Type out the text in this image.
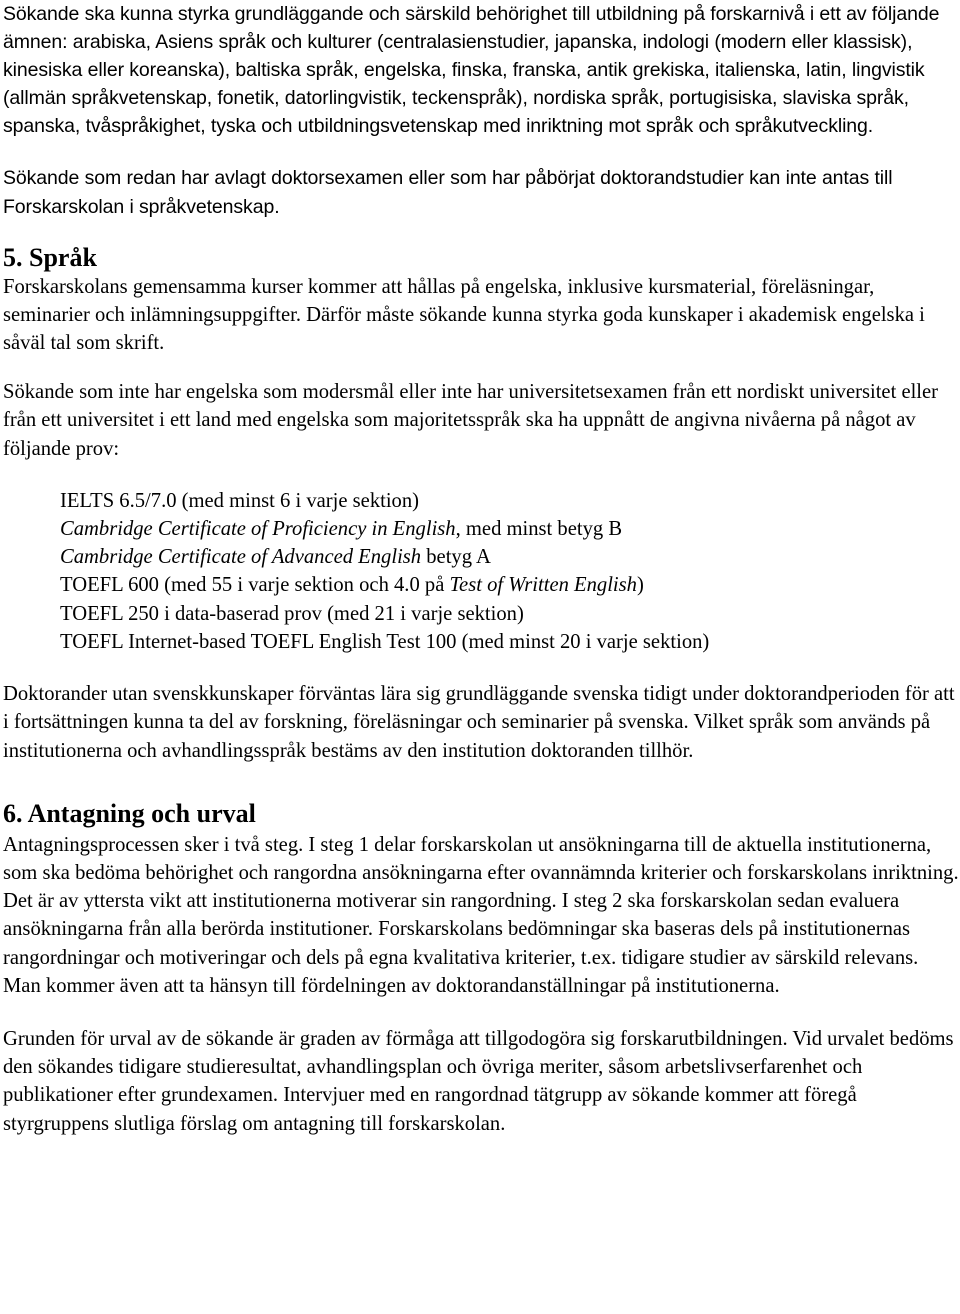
Sökande ska kunna styrka grundläggande och särskild behörighet till utbildning på forskarnivå i ett av följande ämnen: arabiska, Asiens språk och kulturer (centralasienstudier, japanska, indologi (modern eller klassisk), kinesiska eller koreanska), baltiska språk, engelska, finska, franska, antik grekiska, italienska, latin, lingvistik (allmän språkvetenskap, fonetik, datorlingvistik, teckenspråk), nordiska språk, portugisiska, slaviska språk, spanska, tvåspråkighet, tyska och utbildningsvetenskap med inriktning mot språk och språkutveckling.

Sökande som redan har avlagt doktorsexamen eller som har påbörjat doktorandstudier kan inte antas till Forskarskolan i språkvetenskap.

5. Språk

Forskarskolans gemensamma kurser kommer att hållas på engelska, inklusive kursmaterial, föreläsningar, seminarier och inlämningsuppgifter. Därför måste sökande kunna styrka goda kunskaper i akademisk engelska i såväl tal som skrift.

Sökande som inte har engelska som modersmål eller inte har universitetsexamen från ett nordiskt universitet eller från ett universitet i ett land med engelska som majoritetsspråk ska ha uppnått de angivna nivåerna på något av följande prov:

IELTS 6.5/7.0 (med minst 6 i varje sektion)
Cambridge Certificate of Proficiency in English, med minst betyg B
Cambridge Certificate of Advanced English betyg A
TOEFL 600 (med 55 i varje sektion och 4.0 på Test of Written English)
TOEFL 250 i data-baserad prov (med 21 i varje sektion)
TOEFL Internet-based TOEFL English Test 100 (med minst 20 i varje sektion)

Doktorander utan svenskkunskaper förväntas lära sig grundläggande svenska tidigt under doktorandperioden för att i fortsättningen kunna ta del av forskning, föreläsningar och seminarier på svenska. Vilket språk som används på institutionerna och avhandlingsspråk bestäms av den institution doktoranden tillhör.

6. Antagning och urval

Antagningsprocessen sker i två steg. I steg 1 delar forskarskolan ut ansökningarna till de aktuella institutionerna, som ska bedöma behörighet och rangordna ansökningarna efter ovannämnda kriterier och forskarskolans inriktning. Det är av yttersta vikt att institutionerna motiverar sin rangordning. I steg 2 ska forskarskolan sedan evaluera ansökningarna från alla berörda institutioner. Forskarskolans bedömningar ska baseras dels på institutionernas rangordningar och motiveringar och dels på egna kvalitativa kriterier, t.ex. tidigare studier av särskild relevans. Man kommer även att ta hänsyn till fördelningen av doktorandanställningar på institutionerna.

Grunden för urval av de sökande är graden av förmåga att tillgodogöra sig forskarutbildningen. Vid urvalet bedöms den sökandes tidigare studieresultat, avhandlingsplan och övriga meriter, såsom arbetslivserfarenhet och publikationer efter grundexamen. Intervjuer med en rangordnad tätgrupp av sökande kommer att föregå styrgruppens slutliga förslag om antagning till forskarskolan.
